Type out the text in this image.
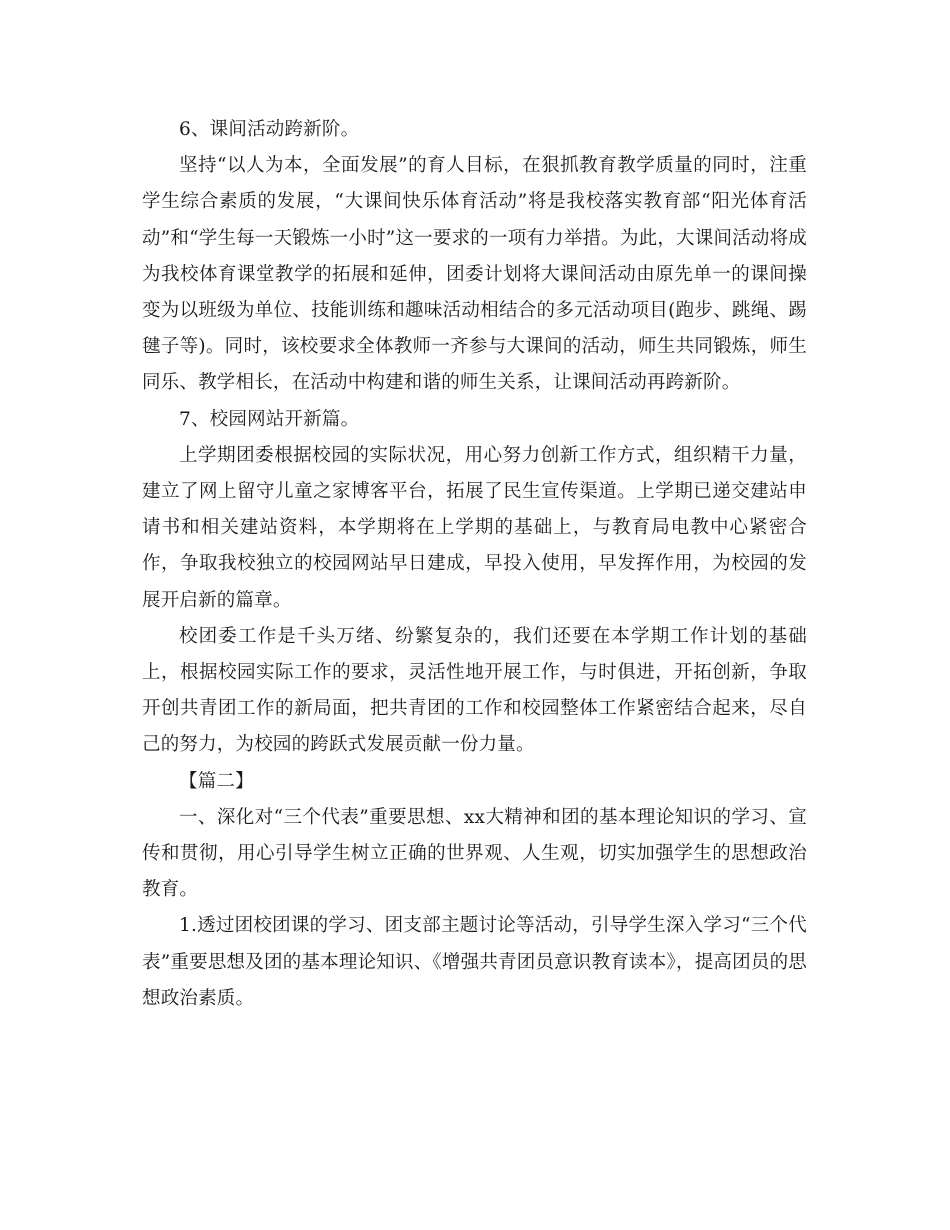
6、课间活动跨新阶。

坚持“以人为本，全面发展”的育人目标，在狠抓教育教学质量的同时，注重学生综合素质的发展，“大课间快乐体育活动”将是我校落实教育部“阳光体育活动”和“学生每一天锻炼一小时”这一要求的一项有力举措。为此，大课间活动将成为我校体育课堂教学的拓展和延伸，团委计划将大课间活动由原先单一的课间操变为以班级为单位、技能训练和趣味活动相结合的多元活动项目(跑步、跳绳、踢毽子等)。同时，该校要求全体教师一齐参与大课间的活动，师生共同锻炼，师生同乐、教学相长，在活动中构建和谐的师生关系，让课间活动再跨新阶。

7、校园网站开新篇。

上学期团委根据校园的实际状况，用心努力创新工作方式，组织精干力量，建立了网上留守儿童之家博客平台，拓展了民生宣传渠道。上学期已递交建站申请书和相关建站资料，本学期将在上学期的基础上，与教育局电教中心紧密合作，争取我校独立的校园网站早日建成，早投入使用，早发挥作用，为校园的发展开启新的篇章。

校团委工作是千头万绪、纷繁复杂的，我们还要在本学期工作计划的基础上，根据校园实际工作的要求，灵活性地开展工作，与时俱进，开拓创新，争取开创共青团工作的新局面，把共青团的工作和校园整体工作紧密结合起来，尽自己的努力，为校园的跨跃式发展贡献一份力量。

【篇二】

一、深化对“三个代表”重要思想、xx大精神和团的基本理论知识的学习、宣传和贯彻，用心引导学生树立正确的世界观、人生观，切实加强学生的思想政治教育。

1.透过团校团课的学习、团支部主题讨论等活动，引导学生深入学习“三个代表”重要思想及团的基本理论知识、《增强共青团员意识教育读本》，提高团员的思想政治素质。
